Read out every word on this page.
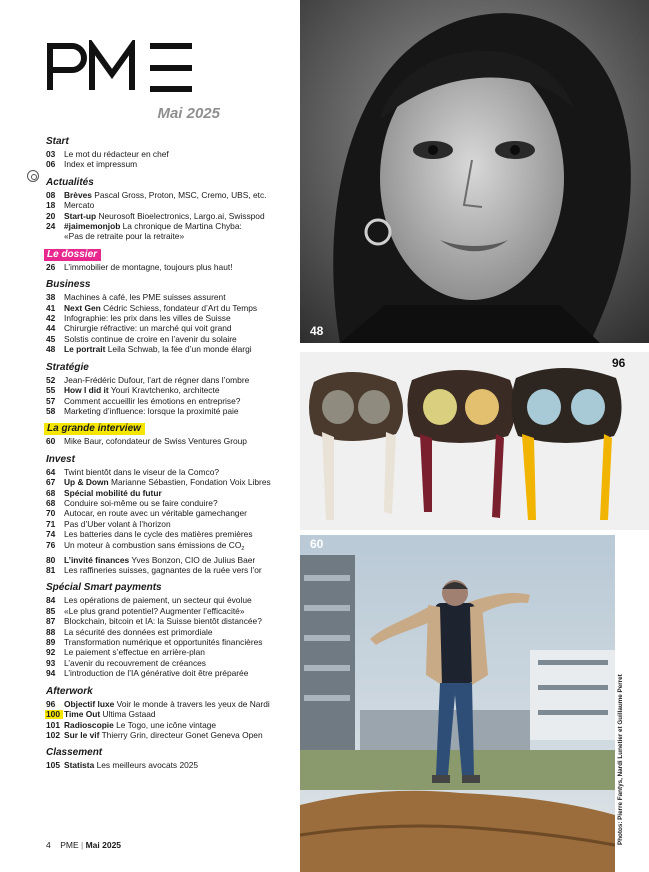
Mai 2025
Start
03	Le mot du rédacteur en chef
06	Index et impressum
Actualités
08	Brèves Pascal Gross, Proton, MSC, Cremo, UBS, etc.
18	Mercato
20	Start-up Neurosoft Bioelectronics, Largo.ai, Swisspod
24	#jaimemonjob La chronique de Martina Chyba:
«Pas de retraite pour la retraite»
Le dossier
26	L’immobilier de montagne, toujours plus haut!
Business
38	Machines à café, les PME suisses assurent
41	Next Gen Cédric Schiess, fondateur d’Art du Temps
42	Infographie: les prix dans les villes de Suisse
44	Chirurgie réfractive: un marché qui voit grand
45	Solstis continue de croire en l’avenir du solaire
48	Le portrait Leila Schwab, la fée d’un monde élargi
Stratégie
52	Jean-Frédéric Dufour, l’art de régner dans l’ombre
55	How I did it Youri Kravtchenko, architecte
57	Comment accueillir les émotions en entreprise?
58	Marketing d’influence: lorsque la proximité paie
La grande interview
60	Mike Baur, cofondateur de Swiss Ventures Group
Invest
64	Twint bientôt dans le viseur de la Comco?
67	Up & Down Marianne Sébastien, Fondation Voix Libres
68	Spécial mobilité du futur
68	Conduire soi-même ou se faire conduire?
70	Autocar, en route avec un véritable gamechanger
71	Pas d’Uber volant à l’horizon
74	Les batteries dans le cycle des matières premières
76	Un moteur à combustion sans émissions de $CO_2$
80	L’invité finances Yves Bonzon, CIO de Julius Baer
81	Les raffineries suisses, gagnantes de la ruée vers l’or
Spécial Smart payments
84	Les opérations de paiement, un secteur qui évolue
85	«Le plus grand potentiel? Augmenter l’efficacité»
87	Blockchain, bitcoin et IA: la Suisse bientôt distancée?
88	La sécurité des données est primordiale
89	Transformation numérique et opportunités financières
92	Le paiement s’effectue en arrière-plan
93	L’avenir du recouvrement de créances
94	L’introduction de l’IA générative doit être préparée
Afterwork
96	Objectif luxe Voir le monde à travers les yeux de Nardi
100 Time Out Ultima Gstaad
101 Radioscopie Le Togo, une icône vintage
102 Sur le vif Thierry Grin, directeur Gonet Geneva Open
Classement
105 Statista Les meilleurs avocats 2025
4 PME | Mai 2025
48
96
60
Photos: Pierre Fantys, Nardi Lunetier et Guillaume Perret
